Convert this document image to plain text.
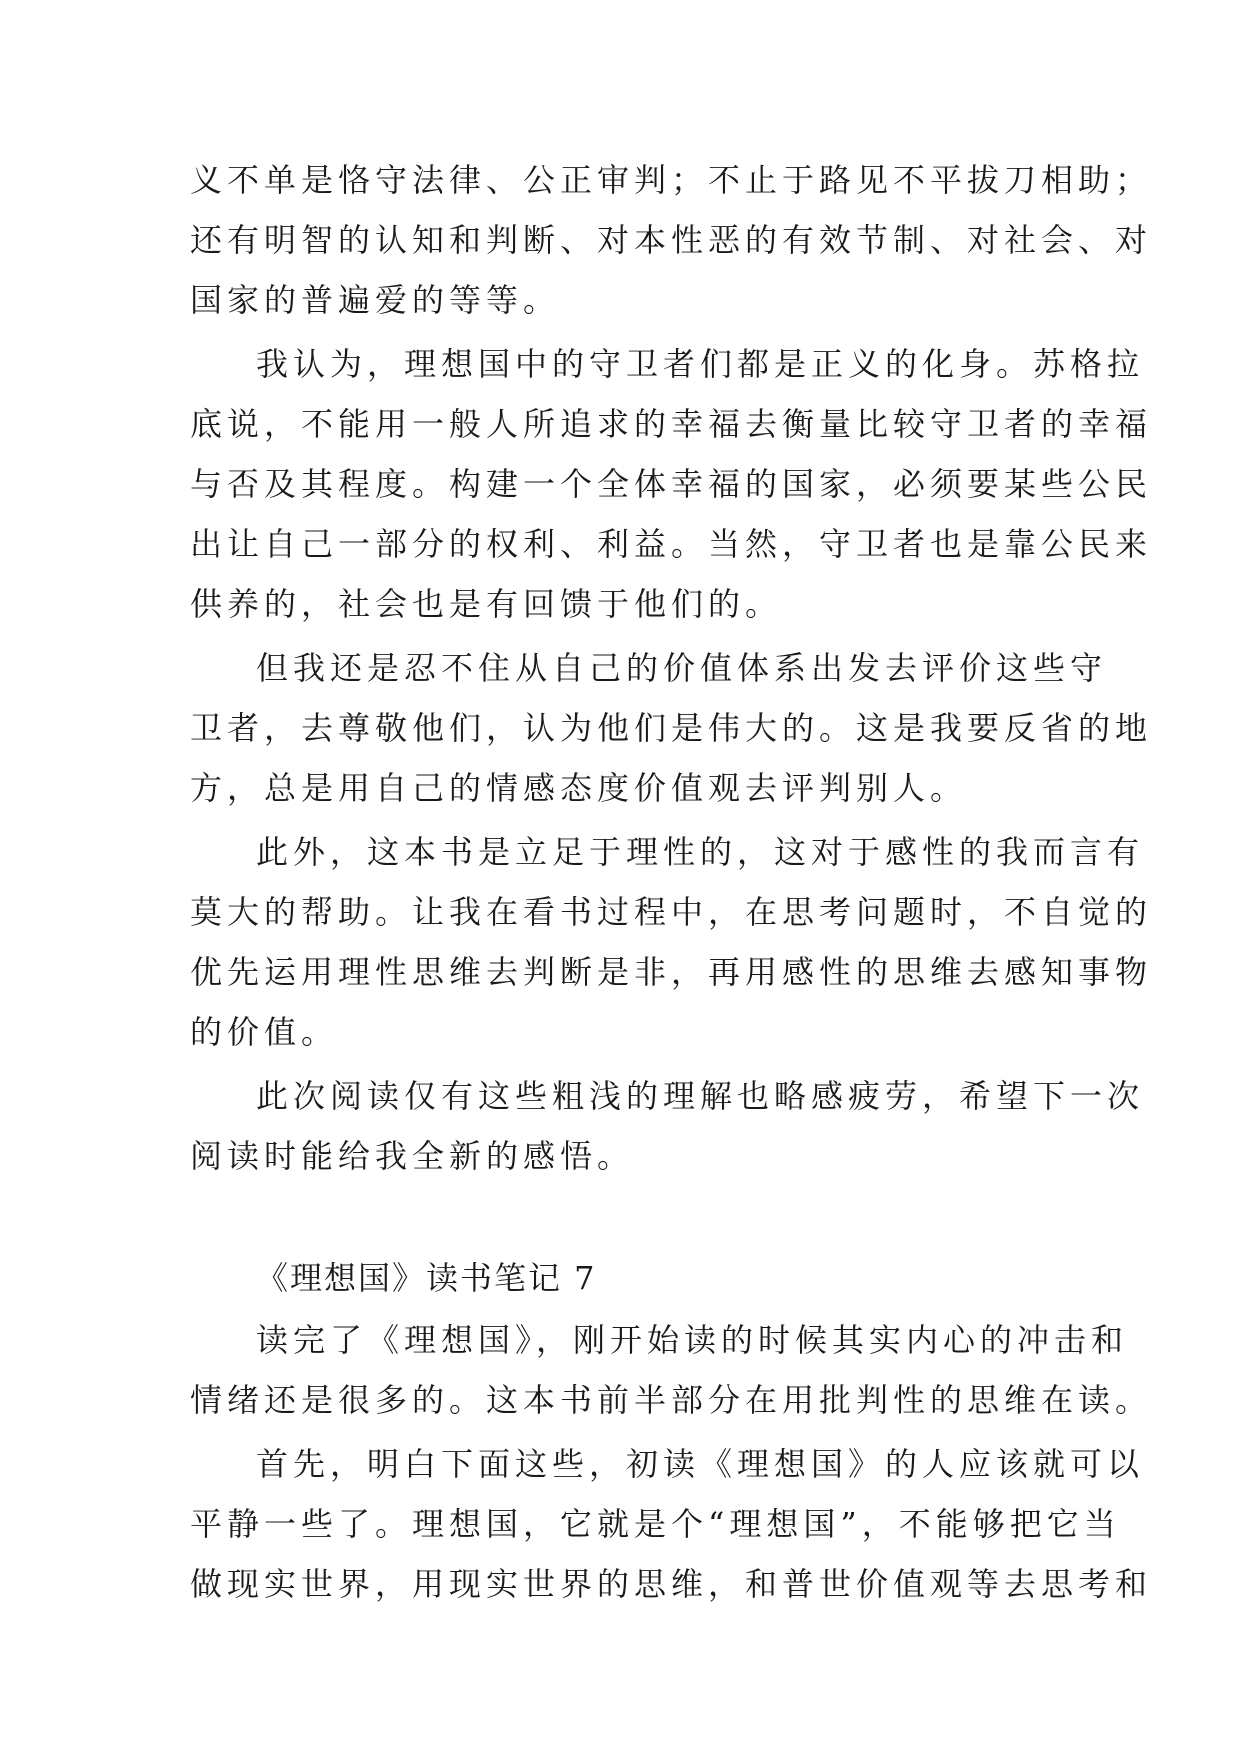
义不单是恪守法律、公正审判；不止于路见不平拔刀相助；
还有明智的认知和判断、对本性恶的有效节制、对社会、对
国家的普遍爱的等等。
我认为，理想国中的守卫者们都是正义的化身。苏格拉
底说，不能用一般人所追求的幸福去衡量比较守卫者的幸福
与否及其程度。构建一个全体幸福的国家，必须要某些公民
出让自己一部分的权利、利益。当然，守卫者也是靠公民来
供养的，社会也是有回馈于他们的。
但我还是忍不住从自己的价值体系出发去评价这些守
卫者，去尊敬他们，认为他们是伟大的。这是我要反省的地
方，总是用自己的情感态度价值观去评判别人。
此外，这本书是立足于理性的，这对于感性的我而言有
莫大的帮助。让我在看书过程中，在思考问题时，不自觉的
优先运用理性思维去判断是非，再用感性的思维去感知事物
的价值。
此次阅读仅有这些粗浅的理解也略感疲劳，希望下一次
阅读时能给我全新的感悟。
《理想国》读书笔记 7
读完了《理想国》，刚开始读的时候其实内心的冲击和
情绪还是很多的。这本书前半部分在用批判性的思维在读。
首先，明白下面这些，初读《理想国》的人应该就可以
平静一些了。理想国，它就是个“理想国”，不能够把它当
做现实世界，用现实世界的思维，和普世价值观等去思考和
